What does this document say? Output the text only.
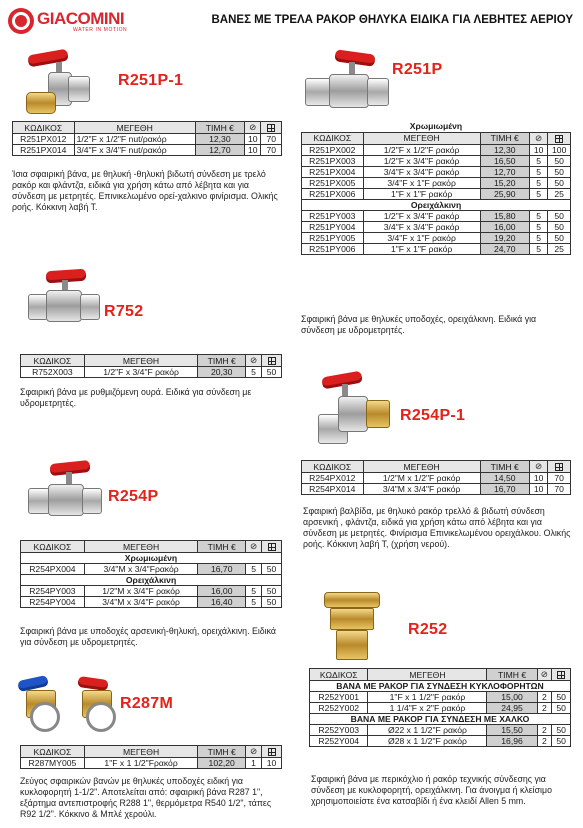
GIACOMINI
WATER IN MOTION
ΒΑΝΕΣ ΜΕ ΤΡΕΛΑ ΡΑΚΟΡ ΘΗΛΥΚΑ ΕΙΔΙΚΑ ΓΙΑ ΛΕΒΗΤΕΣ ΑΕΡΙΟΥ
R251P-1
ΚΩΔΙΚΟΣ	ΜΕΓΕΘΗ	ΤΙΜΗ €	⊘	
R251PX012	1/2"F x 1/2"F nut/ρακόρ	12,30	10	70
R251PX014	3/4"F x 3/4"F nut/ρακόρ	12,70	10	70
Ίσια σφαιρική βάνα, με θηλυκή -θηλυκή βιδωτή σύνδεση με τρελό ρακόρ και φλάντζα, ειδικά για χρήση κάτω από λέβητα και για σύνδεση με μετρητές. Επινικελωμένο ορεί-χαλκινο φινίρισμα. Ολικής ροής. Κόκκινη λαβή Τ.
R251P
Χρωμιωμένη				
ΚΩΔΙΚΟΣ	ΜΕΓΕΘΗ	ΤΙΜΗ €	⊘	
R251PX002	1/2"F x 1/2"F ρακόρ	12,30	10	100
R251PX003	1/2"F x 3/4"F ρακόρ	16,50	5	50
R251PX004	3/4"F x 3/4"F ρακόρ	12,70	5	50
R251PX005	3/4"F x 1"F ρακόρ	15,20	5	50
R251PX006	1"F x 1"F ρακόρ	25,90	5	25
Ορειχάλκινη				
R251PY003	1/2"F x 3/4"F ρακόρ	15,80	5	50
R251PY004	3/4"F x 3/4"F ρακόρ	16,00	5	50
R251PY005	3/4"F x 1"F ρακόρ	19,20	5	50
R251PY006	1"F x 1"F ρακόρ	24,70	5	25
Σφαιρική βάνα με θηλυκές υποδοχές, ορειχάλκινη. Ειδικά για σύνδεση με υδρομετρητές.
R752
ΚΩΔΙΚΟΣ	ΜΕΓΕΘΗ	ΤΙΜΗ €	⊘	
R752X003	1/2"F x 3/4"F ρακόρ	20,30	5	50
Σφαιρική βάνα με ρυθμιζόμενη ουρά. Ειδικά για σύνδεση με υδρομετρητές.
R254P-1
ΚΩΔΙΚΟΣ	ΜΕΓΕΘΗ	ΤΙΜΗ €	⊘	
R254PX012	1/2"M x 1/2"F ρακόρ	14,50	10	70
R254PX014	3/4"M x 3/4"F ρακόρ	16,70	10	70
Σφαιρική βαλβίδα, με θηλυκό ρακόρ τρελλό & βιδωτή σύνδεση αρσενική , φλάντζα, ειδικά για χρήση κάτω από λέβητα και για σύνδεση με μετρητές. Φινίρισμα Επινικελωμένου ορειχάλκου. Ολικής ροής. Κόκκινη λαβή Τ, (χρήση νερού).
R254P
ΚΩΔΙΚΟΣ	ΜΕΓΕΘΗ	ΤΙΜΗ €	⊘	
Χρωμιωμένη				
R254PX004	3/4"M x 3/4"Fρακόρ	16,70	5	50
Ορειχάλκινη				
R254PY003	1/2"M x 3/4"F ρακόρ	16,00	5	50
R254PY004	3/4"M x 3/4"F ρακόρ	16,40	5	50
Σφαιρική βάνα με υποδοχές αρσενική-θηλυκή, ορειχάλκινη. Ειδικά για σύνδεση με υδρομετρητές.
R252
ΚΩΔΙΚΟΣ	ΜΕΓΕΘΗ	ΤΙΜΗ €	⊘	
ΒΑΝΑ ΜΕ ΡΑΚΟΡ ΓΙΑ ΣΥΝΔΕΣΗ ΚΥΚΛΟΦΟΡΗΤΩΝ				
R252Y001	1"F x 1 1/2"F ρακόρ	15,00	2	50
R252Y002	1 1/4"F x 2"F ρακόρ	24,95	2	50
ΒΑΝΑ ΜΕ ΡΑΚΟΡ ΓΙΑ ΣΥΝΔΕΣΗ ΜΕ ΧΑΛΚΟ				
R252Y003	Ø22 x 1 1/2"F ρακόρ	15,50	2	50
R252Y004	Ø28 x 1 1/2"F ρακόρ	16,96	2	50
Σφαιρική βάνα με περικόχλιο ή ρακόρ τεχνικής σύνδεσης για σύνδεση με κυκλοφορητή, ορειχάλκινη. Για άνοιγμα ή κλείσιμο χρησιμοποιείστε ένα κατσαβίδι ή ένα κλειδί Allen 5 mm.
R287M
ΚΩΔΙΚΟΣ	ΜΕΓΕΘΗ	ΤΙΜΗ €	⊘	
R287MY005	1"F x 1 1/2"Fρακόρ	102,20	1	10
Ζεύγος σφαιρικών βανών με θηλυκές υποδοχές ειδική για κυκλοφορητή 1-1/2". Αποτελείται από: σφαιρική βάνα R287 1", εξάρτημα αντεπιστροφής R288 1", θερμόμετρα R540 1/2", τάπες R92 1/2". Κόκκινο & Μπλέ χερούλι.
